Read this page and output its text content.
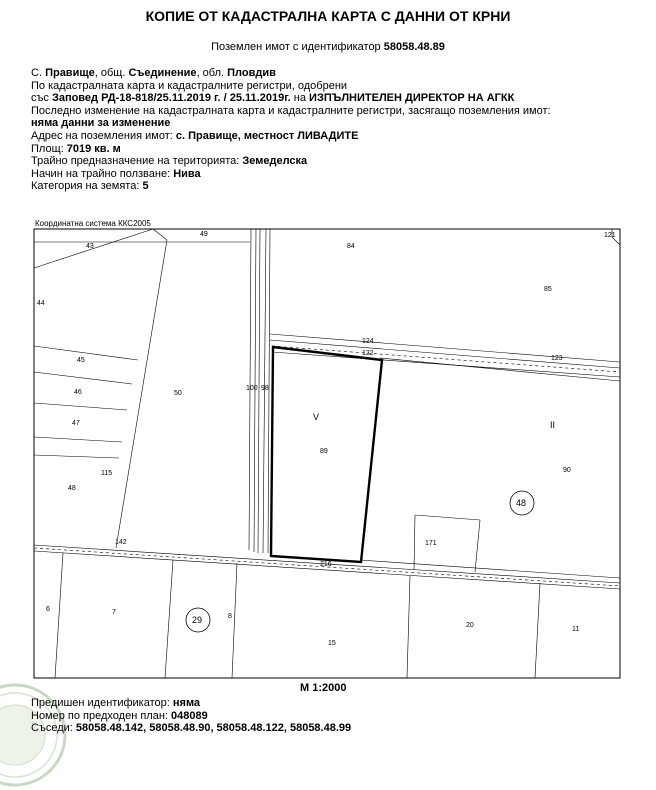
КОПИЕ ОТ КАДАСТРАЛНА КАРТА С ДАННИ ОТ КРНИ
Поземлен имот с идентификатор 58058.48.89
С. Правище, общ. Съединение, обл. Пловдив
По кадастралната карта и кадастралните регистри, одобрени
със Заповед РД-18-818/25.11.2019 г. / 25.11.2019г. на ИЗПЪЛНИТЕЛЕН ДИРЕКТОР НА АГКК
Последно изменение на кадастралната карта и кадастралните регистри, засягащо поземления имот:
няма данни за изменение
Адрес на поземления имот: с. Правище, местност ЛИВАДИТЕ
Площ: 7019 кв. м
Трайно предназначение на територията: Земеделска
Начин на трайно ползване: Нива
Категория на земята: 5
Координатна система ККС2005
43
49
84
121
85
44
45
46
47
48
50
115
100 98
124
122
123
V
89
II
90
48
171
142
216
6	7
29	8
15
20
11
М 1:2000
Предишен идентификатор: няма
Номер по предходен план: 048089
Съседи: 58058.48.142, 58058.48.90, 58058.48.122, 58058.48.99
